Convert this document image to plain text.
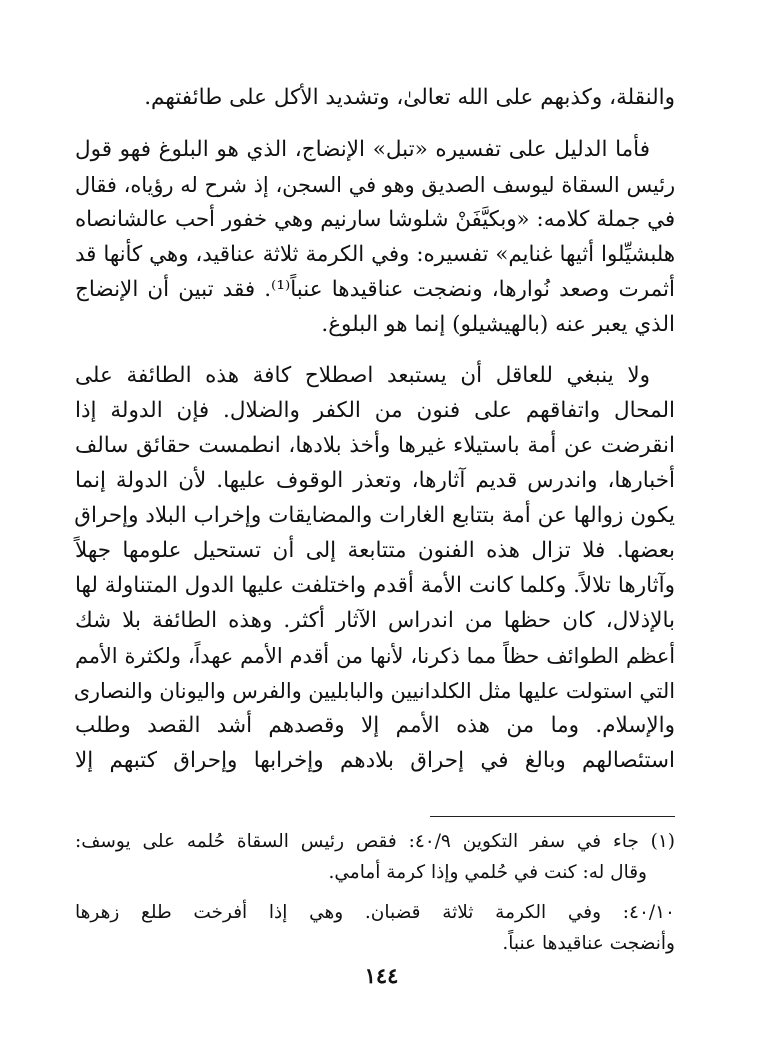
والنقلة، وكذبهم على الله تعالىٰ، وتشديد الأكل على طائفتهم.
فأما الدليل على تفسيره «تبل» الإنضاج، الذي هو البلوغ فهو قول
رئيس السقاة ليوسف الصديق وهو في السجن، إذ شرح له رؤياه، فقال
في جملة كلامه: «وبكيَّفَنْ شلوشا سارنيم وهي خفور أحب عالشانصاه
هلبشيِّلوا أثيها غنايم» تفسيره: وفي الكرمة ثلاثة عناقيد، وهي كأنها قد
أثمرت وصعد نُوارها، ونضجت عناقيدها عنباً⁽¹⁾. فقد تبين أن الإنضاج
الذي يعبر عنه (بالهيشيلو) إنما هو البلوغ.
ولا ينبغي للعاقل أن يستبعد اصطلاح كافة هذه الطائفة على
المحال واتفاقهم على فنون من الكفر والضلال. فإن الدولة إذا
انقرضت عن أمة باستيلاء غيرها وأخذ بلادها، انطمست حقائق سالف
أخبارها، واندرس قديم آثارها، وتعذر الوقوف عليها. لأن الدولة إنما
يكون زوالها عن أمة بتتابع الغارات والمضايقات وإخراب البلاد وإحراق
بعضها. فلا تزال هذه الفنون متتابعة إلى أن تستحيل علومها جهلاً
وآثارها تلالاً. وكلما كانت الأمة أقدم واختلفت عليها الدول المتناولة لها
بالإذلال، كان حظها من اندراس الآثار أكثر. وهذه الطائفة بلا شك
أعظم الطوائف حظاً مما ذكرنا، لأنها من أقدم الأمم عهداً، ولكثرة الأمم
التي استولت عليها مثل الكلدانيين والبابليين والفرس واليونان والنصارى
والإسلام. وما من هذه الأمم إلا وقصدهم أشد القصد وطلب
استئصالهم وبالغ في إحراق بلادهم وإخرابها وإحراق كتبهم إلا
(١) جاء في سفر التكوين ٤٠/٩: فقص رئيس السقاة حُلمه على يوسف:
وقال له: كنت في حُلمي وإذا كرمة أمامي.
٤٠/١٠: وفي الكرمة ثلاثة قضبان. وهي إذا أفرخت طلع زهرها
وأنضجت عناقيدها عنباً.
١٤٤
